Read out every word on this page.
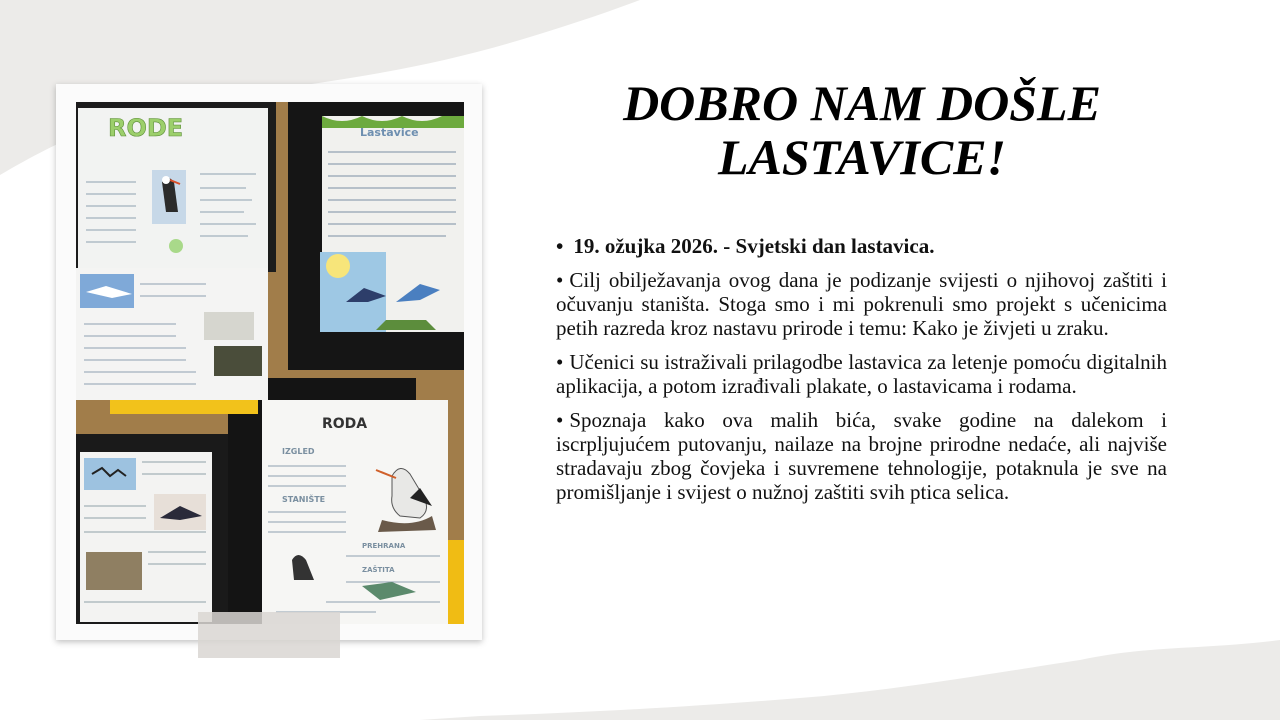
RODE	Lastavice
RODA
IZGLED
STANIŠTE
PREHRANA
ZAŠTITA
DOBRO NAM DOŠLE
LASTAVICE!
• 19. ožujka 2026. - Svjetski dan lastavica.
• Cilj obilježavanja ovog dana je podizanje svijesti o njihovoj zaštiti i očuvanju staništa. Stoga smo i mi pokrenuli smo projekt s učenicima petih razreda kroz nastavu prirode i temu: Kako je živjeti u zraku.
• Učenici su istraživali prilagodbe lastavica za letenje pomoću digitalnih aplikacija, a potom izrađivali plakate, o lastavicama i rodama.
• Spoznaja kako ova malih bića, svake godine na dalekom i iscrpljujućem putovanju, nailaze na brojne prirodne nedaće, ali najviše stradavaju zbog čovjeka i suvremene tehnologije, potaknula je sve na promišljanje i svijest o nužnoj zaštiti svih ptica selica.
